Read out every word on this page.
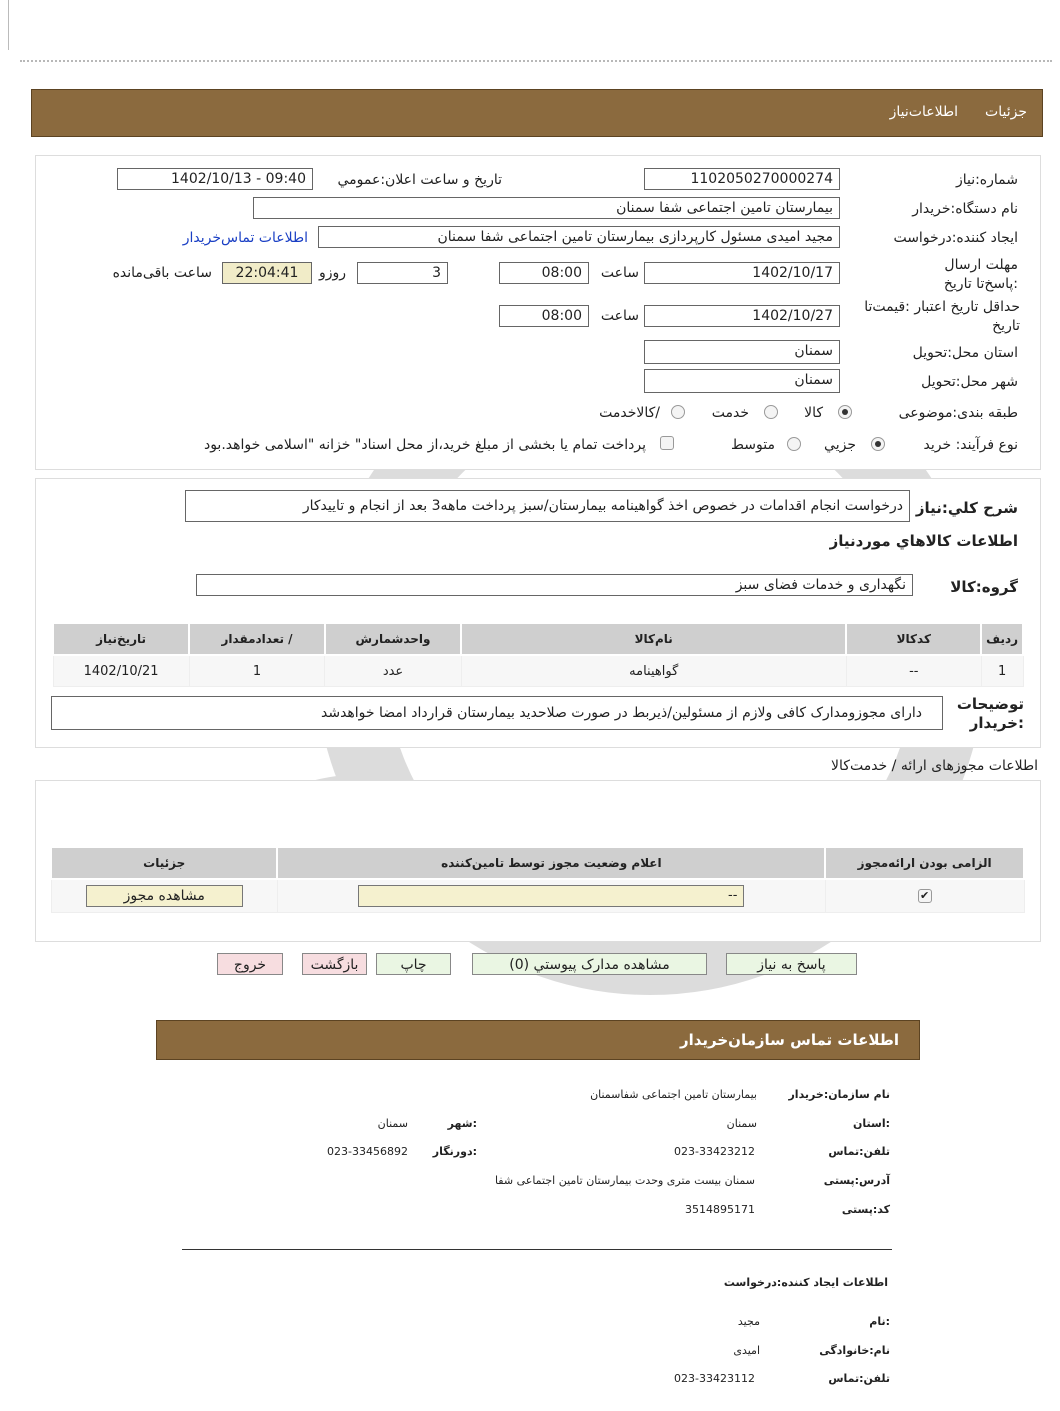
جزئیات
اطلاعات‌نیاز
شماره:نیاز
1102050270000274
تاریخ و ساعت اعلان:عمومي
1402/10/13 - 09:40
نام دستگاه:خریدار
بیمارستان تامین اجتماعی شفا سمنان
ایجاد کننده:درخواست
مجید امیدی مسئول کارپردازی بیمارستان تامین اجتماعی شفا سمنان
اطلاعات تماس‌خریدار
مهلت ارسال :پاسخ‌تا تاریخ
1402/10/17
ساعت
08:00
3
روزو
22:04:41
ساعت باقی‌مانده
حداقل تاریخ اعتبار :قیمت‌تا تاریخ
1402/10/27
ساعت
08:00
استان محل:تحویل
سمنان
شهر محل:تحویل
سمنان
طبقه بندی:موضوعی
کالا
خدمت
/کالاخدمت
نوع فرآیند: خرید
جزیي
متوسط
پرداخت تمام یا بخشی از مبلغ خرید،از محل اسناد" خزانه "اسلامی خواهد.بود
شرح کلي:نیاز
درخواست انجام اقدامات در خصوص اخذ گواهینامه بیمارستان/سبز پرداخت ماهه3 بعد از انجام و تاییدکار
اطلاعات کالاهاي موردنیاز
گروه:کالا
نگهداری و خدمات فضای سبز
ردیف	کدکالا	نام‌کالا	واحدشمارش	/ تعدادمقدار	تاریخ‌نیاز
1	--	گواهینامه	عدد	1	1402/10/21
توضیحات :خریدار
دارای مجوزومدارک کافی ولازم از مسئولین/ذیربط در صورت صلاحدید بیمارستان قرارداد امضا خواهدشد
اطلاعات مجوزهای ارائه / خدمت‌کالا
الزامی بودن ارائه‌مجوز	اعلام وضعیت مجوز توسط تامین‌کننده	جزئیات
✔	--	مشاهده مجوز
پاسخ به نیاز
مشاهده مدارک پیوستي (0)
چاپ
بازگشت
خروج
اطلاعات تماس سازمان‌خریدار
نام سازمان:خریدار
بیمارستان تامین اجتماعی شفاسمنان
:استان
سمنان
:شهر
سمنان
تلفن:تماس
023-33423212
:دورنگار
023-33456892
آدرس:پستی
سمنان بیست متری وحدت بیمارستان تامین اجتماعی شفا
کد:پستی
3514895171
اطلاعات ایجاد کننده:درخواست
:نام
مجید
نام:خانوادگی
امیدی
تلفن:تماس
023-33423112
